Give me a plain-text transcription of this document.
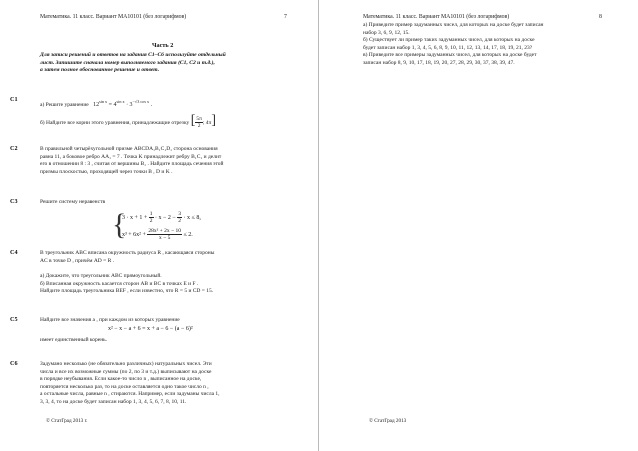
Математика. 11 класс. Вариант МА10101 (без логарифмов)	7
Часть 2
Для записи решений и ответов на задания С1–С6 используйте отдельный
лист. Запишите сначала номер выполняемого задания (С1, С2 и т.д.),
а затем полное обоснованное решение и ответ.
С1
а) Решите уравнение $12^{sin x} = 4^{sin x} \cdot 3^{-√3 cos x}$ .
б) Найдите все корни этого уравнения, принадлежащие отрезку [ $\frac{5\pi}{2}$ ; 4π]
С2	В правильной четырёхугольной призме ABCDA₁B₁C₁D₁ сторона основания
равна 11, а боковое ребро AA₁ = 7 . Точка K принадлежит ребру B₁C₁ и делит
его в отношении 8 : 3 , считая от вершины B₁ . Найдите площадь сечения этой
призмы плоскостью, проходящей через точки B , D и K .
С3	Решите систему неравенств
{
$3 \cdot x + 1 + \frac{1}{2} \cdot x - 2 - \frac{3}{2} \cdot x \le 8$,
$x^3 + 6x^2 + \frac{\text{28x² + 2x − 10}}{x - 5} \le 2$.
С4	В треугольник ABC вписана окружность радиуса R , касающаяся стороны
AC в точке D , причём AD = R .
а) Докажите, что треугольник ABC прямоугольный.
б) Вписанная окружность касается сторон AB и BC в точках E и F .
Найдите площадь треугольника BEF , если известно, что R = 5 и CD = 15.
С5	Найдите все значения a , при каждом из которых уравнение
x² − x − a + 6 = x + a − 6 − (a − 6)²
имеет единственный корень.
С6	Задумано несколько (не обязательно различных) натуральных чисел. Эти
числа и все их возможные суммы (по 2, по 3 и т.д.) выписывают на доске
в порядке неубывания. Если какое-то число n , выписанное на доске,
повторяется несколько раз, то на доске оставляется одно такое число n ,
а остальные числа, равные n , стираются. Например, если задуманы числа 1,
3, 3, 4, то на доске будет записан набор 1, 3, 4, 5, 6, 7, 8, 10, 11.
© СтатГрад 2013 г.
Математика. 11 класс. Вариант МА10101 (без логарифмов)	8
а) Приведите пример задуманных чисел, для которых на доске будет записан
набор 3, 6, 9, 12, 15.
б) Существует ли пример таких задуманных чисел, для которых на доске
будет записан набор 1, 3, 4, 5, 6, 8, 9, 10, 11, 12, 13, 14, 17, 18, 19, 21, 23?
в) Приведите все примеры задуманных чисел, для которых на доске будет
записан набор 8, 9, 10, 17, 18, 19, 20, 27, 28, 29, 30, 37, 38, 39, 47.
© СтатГрад 2013
